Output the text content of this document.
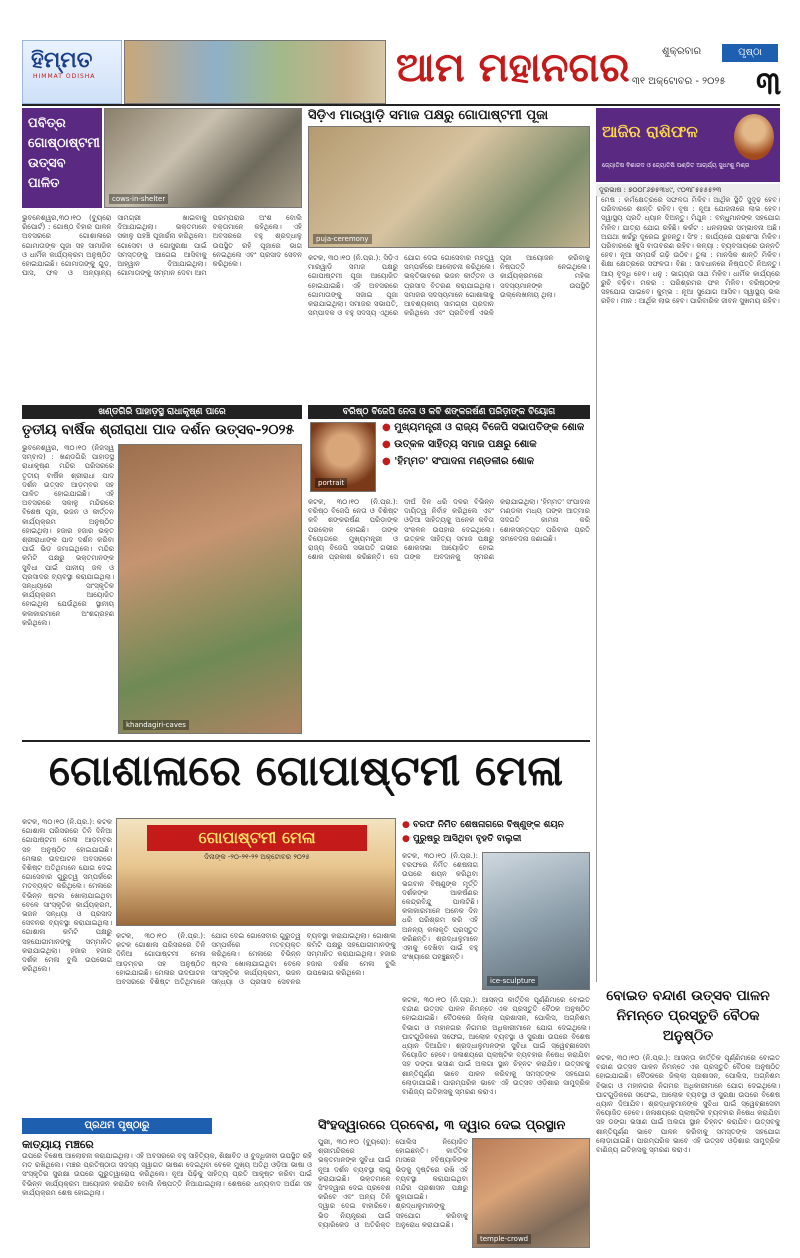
ହିମ୍ମତ
HIMMAT ODISHA	ଆମ ମହାନଗର	ପୃଷ୍ଠା
ଶୁକ୍ରବାର
୩୧ ଅକ୍ଟୋବର - ୨୦୨୫ ୩
ପବିତ୍ର ଗୋଷ୍ଠାଷ୍ଟମୀ ଉତ୍ସବ ପାଳିତ
cows-in-shelter
ଭୁବନେଶ୍ୱର,୩୦।୧୦ (ବ୍ୟୁରୋ ରିପୋର୍ଟ) : ଗୋଷ୍ଠ ବିହାର ପାଳନ ଅବସରରେ ଗୋଶାଳାରେ ଗୋମାତାଙ୍କ ପୂଜା ସହ ସାମାଜିକ ଓ ଧାର୍ମିକ କାର୍ଯ୍ୟକ୍ରମ ଅନୁଷ୍ଠିତ ହୋଇଯାଇଛି। ଗୋମାତାଙ୍କୁ ଗୁଡ଼, ଘାସ, ଫଳ ଓ ଅନ୍ୟାନ୍ୟ ସାମଗ୍ରୀ ଖାଇବାକୁ ଦିଆଯାଇଥିଲା। ଭକ୍ତମାନେ ସକାଳୁ ପହଞ୍ଚି ପୂଜାର୍ଚ୍ଚନା କରିଥିଲେ। ଗୋସେବା ଓ ଗୋସୁରକ୍ଷା ପାଇଁ ସମସ୍ତଙ୍କୁ ଆଗେଇ ଆସିବାକୁ ଆହ୍ୱାନ ଦିଆଯାଇଥିଲା। ଗୋମାତାଙ୍କୁ ସମ୍ମାନ ଦେବା ଆମ ପରମ୍ପରାର ଅଂଶ ବୋଲି ବକ୍ତାମାନେ କହିଥିଲେ। ଏହି ଅବସରରେ ବହୁ ଶ୍ରଦ୍ଧାଳୁ ଉପସ୍ଥିତ ରହି ପୂଜାରେ ଭାଗ ନେଇଥିଲେ ଏବଂ ପ୍ରସାଦ ସେବନ କରିଥିଲେ।
ସିଡ଼ିଏ ମାରୱାଡ଼ି ସମାଜ ପକ୍ଷରୁ ଗୋପାଷ୍ଟମୀ ପୂଜା
puja-ceremony
କଟକ, ୩୦।୧୦ (ନି.ପ୍ର.): ସିଡ଼ିଏ ମାରୱାଡ଼ି ସମାଜ ପକ୍ଷରୁ ଗୋପାଷ୍ଟମୀ ପୂଜା ଆୟୋଜିତ ହୋଇଯାଇଛି। ଏହି ଅବସରରେ ଗୋମାତାଙ୍କୁ ସଜାଇ ପୂଜା କରାଯାଇଥିଲା। ସମାଜର ସଭାପତି, ସମ୍ପାଦକ ଓ ବହୁ ସଦସ୍ୟ ଏଥିରେ ଯୋଗ ଦେଇ ଗୋସେବାର ମହତ୍ତ୍ୱ ସମ୍ପର୍କରେ ଆଲୋଚନା କରିଥିଲେ। ଭକ୍ତିଭାବରେ ଭଜନ କୀର୍ତ୍ତନ ଓ ପ୍ରସାଦ ବିତରଣ କରାଯାଇଥିଲା। ସମାଜର ସଦସ୍ୟମାନେ ଗୋଶାଳାକୁ ଆବଶ୍ୟକୀୟ ସାମଗ୍ରୀ ପ୍ରଦାନ କରିଥିଲେ ଏବଂ ପ୍ରତିବର୍ଷ ଏଭଳି ପୂଜା ଆୟୋଜନ କରିବାକୁ ନିଷ୍ପତ୍ତି ନେଇଥିଲେ। କାର୍ଯ୍ୟକ୍ରମରେ ମହିଳା ସଦସ୍ୟମାନଙ୍କ ଉପସ୍ଥିତି ଉଲ୍ଲେଖନୀୟ ଥିଲା।
ଆଜିର ରାଶିଫଳ
ଜ୍ୟୋତିଷ ବିଶାରଦ ଓ ଜ୍ୟୋତିଷି ପଣ୍ଡିତ ଆଚାର୍ଯ୍ୟ ସୁଧାଂଶୁ ମିଶ୍ର
ଦୂରଭାଷ : ୭୦୦୮୬୭୫୩୪୯, ୯୦୩୮୫୫୫୫୨୩
ମେଷ : କର୍ମକ୍ଷେତ୍ରରେ ସଫଳତା ମିଳିବ। ଆର୍ଥିକ ସ୍ଥିତି ସୁଦୃଢ଼ ହେବ। ପରିବାରରେ ଶାନ୍ତି ରହିବ। ବୃଷ : ନୂଆ ଯୋଜନାରେ ଲାଭ ହେବ। ସ୍ୱାସ୍ଥ୍ୟ ପ୍ରତି ଧ୍ୟାନ ଦିଅନ୍ତୁ। ମିଥୁନ : ବନ୍ଧୁମାନଙ୍କ ସହଯୋଗ ମିଳିବ। ଯାତ୍ରା ଯୋଗ ରହିଛି। କର୍କଟ : ଧନଲାଭର ସମ୍ଭାବନା ଅଛି। ଅଯଥା ଖର୍ଚ୍ଚରୁ ଦୂରେଇ ରୁହନ୍ତୁ। ସିଂହ : କାର୍ଯ୍ୟରେ ପ୍ରଶଂସା ମିଳିବ। ପରିବାରରେ ଖୁସି ବାତାବରଣ ରହିବ। କନ୍ୟା : ବ୍ୟବସାୟରେ ଉନ୍ନତି ହେବ। ନୂଆ ସମ୍ପର୍କ ଗଢ଼ି ଉଠିବ। ତୁଳା : ମାନସିକ ଶାନ୍ତି ମିଳିବ। ଶିକ୍ଷା କ୍ଷେତ୍ରରେ ସଫଳତା। ବିଛା : ସାବଧାନରେ ନିଷ୍ପତ୍ତି ନିଅନ୍ତୁ। ଆୟ ବୃଦ୍ଧି ହେବ। ଧନୁ : ଭାଗ୍ୟର ସାଥ ମିଳିବ। ଧାର୍ମିକ କାର୍ଯ୍ୟରେ ରୁଚି ବଢ଼ିବ। ମକର : ପରିଶ୍ରମର ଫଳ ମିଳିବ। ବରିଷ୍ଠଙ୍କ ସହଯୋଗ ପାଇବେ। କୁମ୍ଭ : ନୂଆ ସୁଯୋଗ ଆସିବ। ସ୍ୱାସ୍ଥ୍ୟ ଭଲ ରହିବ। ମୀନ : ଆର୍ଥିକ ଲାଭ ହେବ। ପାରିବାରିକ ଜୀବନ ସୁଖମୟ ରହିବ।
ଖଣ୍ଡଗିରି ପାହାଡ଼ସ୍ଥ ରାଧାକୃଷ୍ଣ ପାରେ	ବରିଷ୍ଠ ବିଜେପି ନେତା ଓ କବି ଶଙ୍କରର୍ଷଣ ପରିଡ଼ାଙ୍କ ବିୟୋଗ
ତୃତୀୟ ବାର୍ଷିକ ଶ୍ରୀରାଧା ପାଦ ଦର୍ଶନ ଉତ୍ସବ-୨୦୨୫
ଭୁବନେଶ୍ୱର, ୩୦।୧୦ (ନିଜସ୍ୱ ସମ୍ବାଦ) : ଖଣ୍ଡଗିରି ପାହାଡ଼ସ୍ଥ ରାଧାକୃଷ୍ଣ ମନ୍ଦିର ପରିସରରେ ତୃତୀୟ ବାର୍ଷିକ ଶ୍ରୀରାଧା ପାଦ ଦର୍ଶନ ଉତ୍ସବ ଆଡ଼ମ୍ବର ସହ ପାଳିତ ହୋଇଯାଇଛି। ଏହି ଅବସରରେ ସକାଳୁ ମନ୍ଦିରରେ ବିଶେଷ ପୂଜା, ଭଜନ ଓ କୀର୍ତ୍ତନ କାର୍ଯ୍ୟକ୍ରମ ଅନୁଷ୍ଠିତ ହୋଇଥିଲା। ହଜାର ହଜାର ଭକ୍ତ ଶ୍ରୀରାଧାଙ୍କ ପାଦ ଦର୍ଶନ କରିବା ପାଇଁ ଭିଡ଼ ଜମାଇଥିଲେ। ମନ୍ଦିର କମିଟି ପକ୍ଷରୁ ଭକ୍ତମାନଙ୍କ ସୁବିଧା ପାଇଁ ପାନୀୟ ଜଳ ଓ ପ୍ରସାଦର ବ୍ୟବସ୍ଥା କରାଯାଇଥିଲା। ସନ୍ଧ୍ୟାରେ ସାଂସ୍କୃତିକ କାର୍ଯ୍ୟକ୍ରମ ଆୟୋଜିତ ହୋଇଥିଲା ଯେଉଁଥିରେ ସ୍ଥାନୀୟ କଳାକାରମାନେ ଅଂଶଗ୍ରହଣ କରିଥିଲେ।
khandagiri-caves
portrait
● ମୁଖ୍ୟମନ୍ତ୍ରୀ ଓ ରାଜ୍ୟ ବିଜେପି ସଭାପତିଙ୍କ ଶୋକ
● ଉତ୍କଳ ସାହିତ୍ୟ ସମାଜ ପକ୍ଷରୁ ଶୋକ
● 'ହିମ୍ମତ' ସଂପାଦନା ମଣ୍ଡଳୀର ଶୋକ
କଟକ, ୩୦।୧୦ (ନି.ପ୍ର.): ବରିଷ୍ଠ ବିଜେପି ନେତା ଓ ବିଶିଷ୍ଟ କବି ଶଙ୍କରର୍ଷଣ ପରିଡ଼ାଙ୍କ ପରଲୋକ ହୋଇଛି। ତାଙ୍କ ବିୟୋଗରେ ମୁଖ୍ୟମନ୍ତ୍ରୀ ଓ ରାଜ୍ୟ ବିଜେପି ସଭାପତି ଗଭୀର ଶୋକ ପ୍ରକାଶ କରିଛନ୍ତି। ସେ ଦୀର୍ଘ ଦିନ ଧରି ଦଳର ବିଭିନ୍ନ ଦାୟିତ୍ୱ ନିର୍ବାହ କରିଥିଲେ ଏବଂ ଓଡ଼ିଆ ସାହିତ୍ୟକୁ ଅନେକ କବିତା ସଂକଳନ ଉପହାର ଦେଇଥିଲେ। ଉତ୍କଳ ସାହିତ୍ୟ ସମାଜ ପକ୍ଷରୁ ଶୋକସଭା ଆୟୋଜିତ ହୋଇ ତାଙ୍କ ଅବଦାନକୁ ସ୍ମରଣ କରାଯାଇଥିଲା। 'ହିମ୍ମତ' ସଂପାଦନା ମଣ୍ଡଳୀ ମଧ୍ୟ ତାଙ୍କ ଆତ୍ମାର ସଦଗତି କାମନା କରି ଶୋକସନ୍ତପ୍ତ ପରିବାର ପ୍ରତି ସମବେଦନା ଜଣାଇଛି।
ଗୋଶାଳାରେ ଗୋପାଷ୍ଟମୀ ମେଳା
କଟକ, ୩୦।୧୦ (ନି.ପ୍ର.): କଟକ ଗୋଶାଳା ପରିସରରେ ତିନି ଦିନିଆ ଗୋପାଷ୍ଟମୀ ମେଳା ଆଡ଼ମ୍ବର ସହ ଅନୁଷ୍ଠିତ ହୋଇଯାଇଛି। ମେଳାର ଉଦଘାଟନ ଅବସରରେ ବିଶିଷ୍ଟ ଅତିଥିମାନେ ଯୋଗ ଦେଇ ଗୋସେବାର ଗୁରୁତ୍ୱ ସମ୍ପର୍କରେ ମତବ୍ୟକ୍ତ କରିଥିଲେ। ମେଳାରେ ବିଭିନ୍ନ ଷ୍ଟଲ ଖୋଲାଯାଇଥିବା ବେଳେ ସାଂସ୍କୃତିକ କାର୍ଯ୍ୟକ୍ରମ, ଭଜନ ସନ୍ଧ୍ୟା ଓ ପ୍ରସାଦ ସେବନର ବ୍ୟବସ୍ଥା କରାଯାଇଥିଲା। ଗୋଶାଳା କମିଟି ପକ୍ଷରୁ ସହଯୋଗୀମାନଙ୍କୁ ସମ୍ମାନିତ କରାଯାଇଥିଲା। ହଜାର ହଜାର ଦର୍ଶକ ମେଳା ବୁଲି ଉପଭୋଗ କରିଥିଲେ।
ଗୋପାଷ୍ଟମୀ ମେଳା
ଦିନାଙ୍କ -୨୦-୨୧-୨୨ ଅକ୍ଟୋବର ୨୦୨୫
କଟକ, ୩୦।୧୦ (ନି.ପ୍ର.): କଟକ ଗୋଶାଳା ପରିସରରେ ତିନି ଦିନିଆ ଗୋପାଷ୍ଟମୀ ମେଳା ଆଡ଼ମ୍ବର ସହ ଅନୁଷ୍ଠିତ ହୋଇଯାଇଛି। ମେଳାର ଉଦଘାଟନ ଅବସରରେ ବିଶିଷ୍ଟ ଅତିଥିମାନେ ଯୋଗ ଦେଇ ଗୋସେବାର ଗୁରୁତ୍ୱ ସମ୍ପର୍କରେ ମତବ୍ୟକ୍ତ କରିଥିଲେ। ମେଳାରେ ବିଭିନ୍ନ ଷ୍ଟଲ ଖୋଲାଯାଇଥିବା ବେଳେ ସାଂସ୍କୃତିକ କାର୍ଯ୍ୟକ୍ରମ, ଭଜନ ସନ୍ଧ୍ୟା ଓ ପ୍ରସାଦ ସେବନର ବ୍ୟବସ୍ଥା କରାଯାଇଥିଲା। ଗୋଶାଳା କମିଟି ପକ୍ଷରୁ ସହଯୋଗୀମାନଙ୍କୁ ସମ୍ମାନିତ କରାଯାଇଥିଲା। ହଜାର ହଜାର ଦର୍ଶକ ମେଳା ବୁଲି ଉପଭୋଗ କରିଥିଲେ।
● ବରଫ ନିର୍ମିତ ଶେଷନାଗରେ ବିଷ୍ଣୁଙ୍କ ଶୟନ
● ପୁରୁଷରୁ ଆସିଥିବା ବୃହତି ବାଲୁକୀ
କଟକ, ୩୦।୧୦ (ନି.ପ୍ର.): ବରଫରେ ନିର୍ମିତ ଶେଷନାଗ ଉପରେ ଶୟନ କରିଥିବା ଭଗବାନ ବିଷ୍ଣୁଙ୍କ ମୂର୍ତ୍ତି ଦର୍ଶକଙ୍କ ଆକର୍ଷଣର କେନ୍ଦ୍ରବିନ୍ଦୁ ପାଲଟିଛି। କଳାକାରମାନେ ଅନେକ ଦିନ ଧରି ପରିଶ୍ରମ କରି ଏହି ଅନନ୍ୟ କଳାକୃତି ପ୍ରସ୍ତୁତ କରିଛନ୍ତି। ଶ୍ରଦ୍ଧାଳୁମାନେ ଏହାକୁ ଦେଖିବା ପାଇଁ ବହୁ ସଂଖ୍ୟାରେ ପହଞ୍ଚୁଛନ୍ତି।
ice-sculpture
ବୋଇତ ବନ୍ଦାଣ ଉତ୍ସବ ପାଳନ ନିମନ୍ତେ ପ୍ରସ୍ତୁତି ବୈଠକ ଅନୁଷ୍ଠିତ
କଟକ, ୩୦।୧୦ (ନି.ପ୍ର.): ଆସନ୍ତା କାର୍ତ୍ତିକ ପୂର୍ଣ୍ଣିମାରେ ବୋଇତ ବନ୍ଦାଣ ଉତ୍ସବ ପାଳନ ନିମନ୍ତେ ଏକ ପ୍ରସ୍ତୁତି ବୈଠକ ଅନୁଷ୍ଠିତ ହୋଇଯାଇଛି। ବୈଠକରେ ଜିଲ୍ଲା ପ୍ରଶାସନ, ପୋଲିସ, ଅଗ୍ନିଶମ ବିଭାଗ ଓ ମହାନଗର ନିଗମର ଅଧିକାରୀମାନେ ଯୋଗ ଦେଇଥିଲେ। ଘାଟଗୁଡ଼ିକରେ ସଫେଇ, ଆଲୋକ ବ୍ୟବସ୍ଥା ଓ ସୁରକ୍ଷା ଉପରେ ବିଶେଷ ଧ୍ୟାନ ଦିଆଯିବ। ଶ୍ରଦ୍ଧାଳୁମାନଙ୍କ ସୁବିଧା ପାଇଁ ସ୍ୱେଚ୍ଛାସେବୀ ନିୟୋଜିତ ହେବେ। ଜଳାଶୟରେ ପ୍ଲାଷ୍ଟିକ ବ୍ୟବହାର ନିଷେଧ କରାଯିବା ସହ ଡଙ୍ଗା ଭସାଣ ପାଇଁ ଅଲଗା ସ୍ଥାନ ଚିହ୍ନଟ କରାଯିବ। ଉତ୍ସବକୁ ଶାନ୍ତିପୂର୍ଣ୍ଣ ଭାବେ ପାଳନ କରିବାକୁ ସମସ୍ତଙ୍କ ସହଯୋଗ ଲୋଡ଼ାଯାଇଛି। ପାରମ୍ପରିକ ଭାବେ ଏହି ଉତ୍ସବ ଓଡ଼ିଶାର ସାମୁଦ୍ରିକ ବାଣିଜ୍ୟ ଇତିହାସକୁ ସ୍ମରଣ କରାଏ।
କଟକ, ୩୦।୧୦ (ନି.ପ୍ର.): ଆସନ୍ତା କାର୍ତ୍ତିକ ପୂର୍ଣ୍ଣିମାରେ ବୋଇତ ବନ୍ଦାଣ ଉତ୍ସବ ପାଳନ ନିମନ୍ତେ ଏକ ପ୍ରସ୍ତୁତି ବୈଠକ ଅନୁଷ୍ଠିତ ହୋଇଯାଇଛି। ବୈଠକରେ ଜିଲ୍ଲା ପ୍ରଶାସନ, ପୋଲିସ, ଅଗ୍ନିଶମ ବିଭାଗ ଓ ମହାନଗର ନିଗମର ଅଧିକାରୀମାନେ ଯୋଗ ଦେଇଥିଲେ। ଘାଟଗୁଡ଼ିକରେ ସଫେଇ, ଆଲୋକ ବ୍ୟବସ୍ଥା ଓ ସୁରକ୍ଷା ଉପରେ ବିଶେଷ ଧ୍ୟାନ ଦିଆଯିବ। ଶ୍ରଦ୍ଧାଳୁମାନଙ୍କ ସୁବିଧା ପାଇଁ ସ୍ୱେଚ୍ଛାସେବୀ ନିୟୋଜିତ ହେବେ। ଜଳାଶୟରେ ପ୍ଲାଷ୍ଟିକ ବ୍ୟବହାର ନିଷେଧ କରାଯିବା ସହ ଡଙ୍ଗା ଭସାଣ ପାଇଁ ଅଲଗା ସ୍ଥାନ ଚିହ୍ନଟ କରାଯିବ। ଉତ୍ସବକୁ ଶାନ୍ତିପୂର୍ଣ୍ଣ ଭାବେ ପାଳନ କରିବାକୁ ସମସ୍ତଙ୍କ ସହଯୋଗ ଲୋଡ଼ାଯାଇଛି। ପାରମ୍ପରିକ ଭାବେ ଏହି ଉତ୍ସବ ଓଡ଼ିଶାର ସାମୁଦ୍ରିକ ବାଣିଜ୍ୟ ଇତିହାସକୁ ସ୍ମରଣ କରାଏ।
ପ୍ରଥମ ପୃଷ୍ଠାରୁ
କାତ୍ୟାୟ ମଞ୍ଚରେ
ଉପରେ ବିଶେଷ ଆଲୋଚନା କରାଯାଇଥିଲା। ଏହି ଅବସରରେ ବହୁ ସାହିତ୍ୟିକ, ଶିକ୍ଷାବିତ ଓ ବୁଦ୍ଧିଜୀବୀ ଉପସ୍ଥିତ ରହି ମତ ରଖିଥିଲେ। ମଞ୍ଚର ପ୍ରତିଷ୍ଠାତା ସଦସ୍ୟ ସ୍ୱାଗତ ଭାଷଣ ଦେଇଥିବା ବେଳେ ମୁଖ୍ୟ ଅତିଥି ଓଡ଼ିଆ ଭାଷା ଓ ସଂସ୍କୃତିର ସୁରକ୍ଷା ଉପରେ ଗୁରୁତ୍ୱାରୋପ କରିଥିଲେ। ନୂଆ ପିଢ଼ିକୁ ସାହିତ୍ୟ ପ୍ରତି ଆକୃଷ୍ଟ କରିବା ପାଇଁ ବିଭିନ୍ନ କାର୍ଯ୍ୟକ୍ରମ ଆୟୋଜନ କରାଯିବ ବୋଲି ନିଷ୍ପତ୍ତି ନିଆଯାଇଥିଲା। ଶେଷରେ ଧନ୍ୟବାଦ ଅର୍ପଣ ସହ କାର୍ଯ୍ୟକ୍ରମ ଶେଷ ହୋଇଥିଲା।
ସିଂହଦ୍ୱାରରେ ପ୍ରବେଶ, ୩ ଦ୍ୱାର ଦେଇ ପ୍ରସ୍ଥାନ
ପୁରୀ, ୩୦।୧୦ (ବ୍ୟୁରୋ): ଶ୍ରୀମନ୍ଦିରରେ ଭକ୍ତମାନଙ୍କ ସୁବିଧା ପାଇଁ ନୂଆ ଦର୍ଶନ ବ୍ୟବସ୍ଥା ଲାଗୁ କରାଯାଇଛି। ଭକ୍ତମାନେ ସିଂହଦ୍ୱାର ଦେଇ ପ୍ରବେଶ କରିବେ ଏବଂ ଅନ୍ୟ ତିନି ଦ୍ୱାର ଦେଇ ବାହାରିବେ। ଭିଡ଼ ନିୟନ୍ତ୍ରଣ ପାଇଁ ବ୍ୟାରିକେଡ ଓ ଅତିରିକ୍ତ ପୋଲିସ ନିୟୋଜିତ ହୋଇଛନ୍ତି। କାର୍ତ୍ତିକ ମାସରେ ହବିଷ୍ୟାଳିଙ୍କ ଭିଡ଼କୁ ଦୃଷ୍ଟିରେ ରଖି ଏହି ବ୍ୟବସ୍ଥା କରାଯାଇଥିବା ମନ୍ଦିର ପ୍ରଶାସନ ପକ୍ଷରୁ କୁହାଯାଇଛି। ଶ୍ରଦ୍ଧାଳୁମାନଙ୍କୁ ସହଯୋଗ କରିବାକୁ ଅନୁରୋଧ କରାଯାଇଛି।
temple-crowd
